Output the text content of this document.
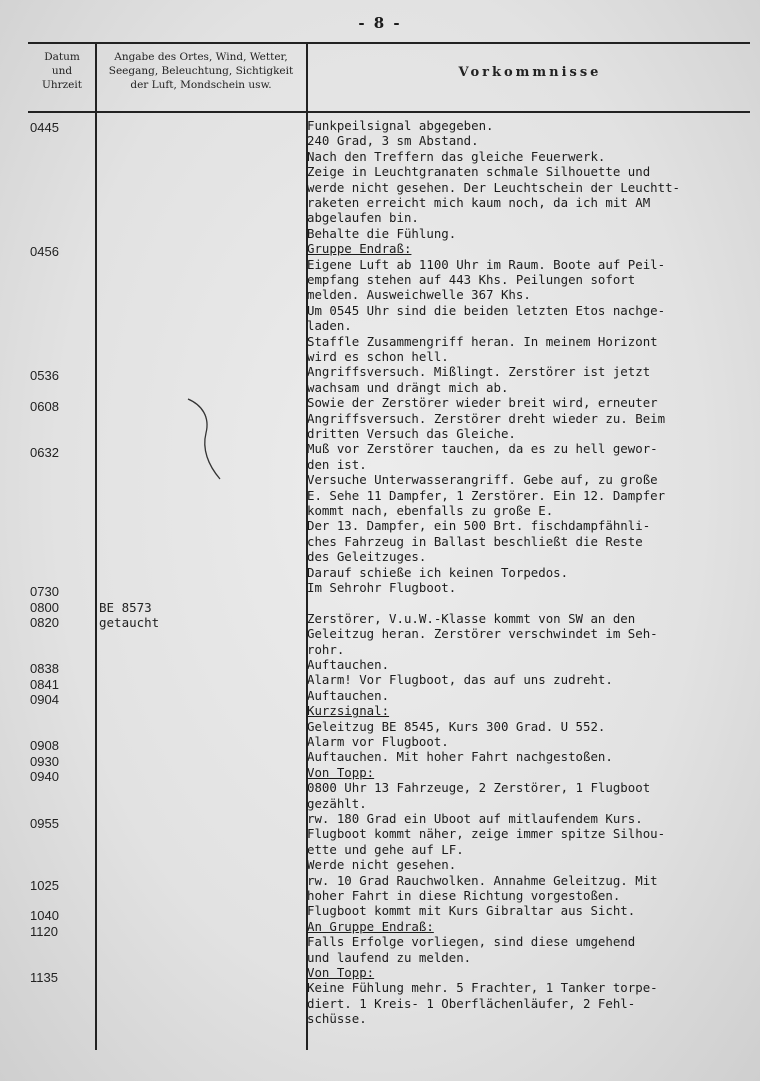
- 8 -
Datum
und
Uhrzeit
Angabe des Ortes, Wind, Wetter,
Seegang, Beleuchtung, Sichtigkeit
der Luft, Mondschein usw.
Vorkommnisse
0445
0456
0536
0608
0632
0730
0800
0820
0838
0841
0904
0908
0930
0940
0955
1025
1040
1120
1135
BE 8573
getaucht
Funkpeilsignal abgegeben.
240 Grad, 3 sm Abstand.
Nach den Treffern das gleiche Feuerwerk.
Zeige in Leuchtgranaten schmale Silhouette und
werde nicht gesehen. Der Leuchtschein der Leuchtt-
raketen erreicht mich kaum noch, da ich mit AM
abgelaufen bin.
Behalte die Fühlung.
Gruppe Endraß:
Eigene Luft ab 1100 Uhr im Raum. Boote auf Peil-
empfang stehen auf 443 Khs. Peilungen sofort
melden. Ausweichwelle 367 Khs.
Um 0545 Uhr sind die beiden letzten Etos nachge-
laden.
Staffle Zusammengriff heran. In meinem Horizont
wird es schon hell.
Angriffsversuch. Mißlingt. Zerstörer ist jetzt
wachsam und drängt mich ab.
Sowie der Zerstörer wieder breit wird, erneuter
Angriffsversuch. Zerstörer dreht wieder zu. Beim
dritten Versuch das Gleiche.
Muß vor Zerstörer tauchen, da es zu hell gewor-
den ist.
Versuche Unterwasserangriff. Gebe auf, zu große
E. Sehe 11 Dampfer, 1 Zerstörer. Ein 12. Dampfer
kommt nach, ebenfalls zu große E.
Der 13. Dampfer, ein 500 Brt. fischdampfähnli-
ches Fahrzeug in Ballast beschließt die Reste
des Geleitzuges.
Darauf schieße ich keinen Torpedos.
Im Sehrohr Flugboot.
Zerstörer, V.u.W.-Klasse kommt von SW an den
Geleitzug heran. Zerstörer verschwindet im Seh-
rohr.
Auftauchen.
Alarm! Vor Flugboot, das auf uns zudreht.
Auftauchen.
Kurzsignal:
Geleitzug BE 8545, Kurs 300 Grad. U 552.
Alarm vor Flugboot.
Auftauchen. Mit hoher Fahrt nachgestoßen.
Von Topp:
0800 Uhr 13 Fahrzeuge, 2 Zerstörer, 1 Flugboot
gezählt.
rw. 180 Grad ein Uboot auf mitlaufendem Kurs.
Flugboot kommt näher, zeige immer spitze Silhou-
ette und gehe auf LF.
Werde nicht gesehen.
rw. 10 Grad Rauchwolken. Annahme Geleitzug. Mit
hoher Fahrt in diese Richtung vorgestoßen.
Flugboot kommt mit Kurs Gibraltar aus Sicht.
An Gruppe Endraß:
Falls Erfolge vorliegen, sind diese umgehend
und laufend zu melden.
Von Topp:
Keine Fühlung mehr. 5 Frachter, 1 Tanker torpe-
diert. 1 Kreis- 1 Oberflächenläufer, 2 Fehl-
schüsse.
